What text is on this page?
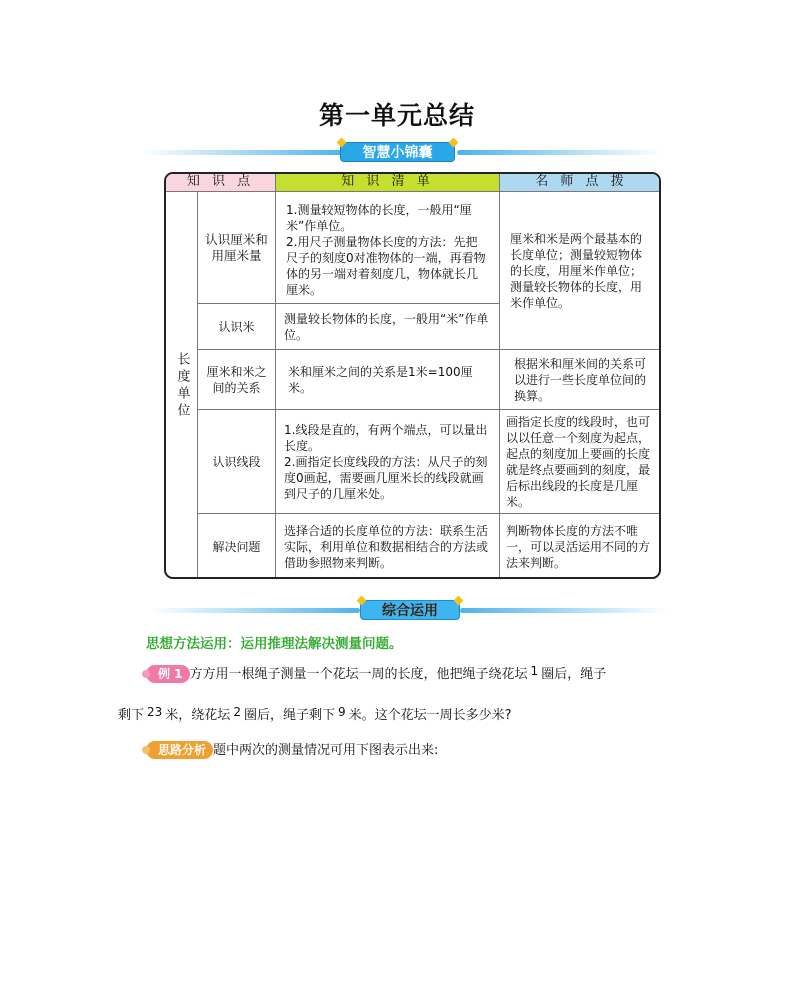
第一单元总结
智慧小锦囊
知 识 点	知 识 清 单	名 师 点 拨
长度单位
认识厘米和用厘米量
1.测量较短物体的长度，一般用“厘米”作单位。
2.用尺子测量物体长度的方法：先把尺子的刻度0对准物体的一端，再看物体的另一端对着刻度几，物体就长几厘米。
厘米和米是两个最基本的长度单位；测量较短物体的长度，用厘米作单位；测量较长物体的长度，用米作单位。
认识米
测量较长物体的长度，一般用“米”作单位。
厘米和米之间的关系
米和厘米之间的关系是1米=100厘米。
根据米和厘米间的关系可以进行一些长度单位间的换算。
认识线段
1.线段是直的，有两个端点，可以量出长度。
2.画指定长度线段的方法：从尺子的刻度0画起，需要画几厘米长的线段就画到尺子的几厘米处。
画指定长度的线段时，也可以以任意一个刻度为起点，起点的刻度加上要画的长度就是终点要画到的刻度，最后标出线段的长度是几厘米。
解决问题
选择合适的长度单位的方法：联系生活实际，利用单位和数据相结合的方法或借助参照物来判断。
判断物体长度的方法不唯一，可以灵活运用不同的方法来判断。
综合运用
思想方法运用：运用推理法解决测量问题。
例 1 方方用一根绳子测量一个花坛一周的长度，他把绳子绕花坛 1 圈后，绳子
剩下 23 米，绕花坛 2 圈后，绳子剩下 9 米。这个花坛一周长多少米?
思路分析 题中两次的测量情况可用下图表示出来:
